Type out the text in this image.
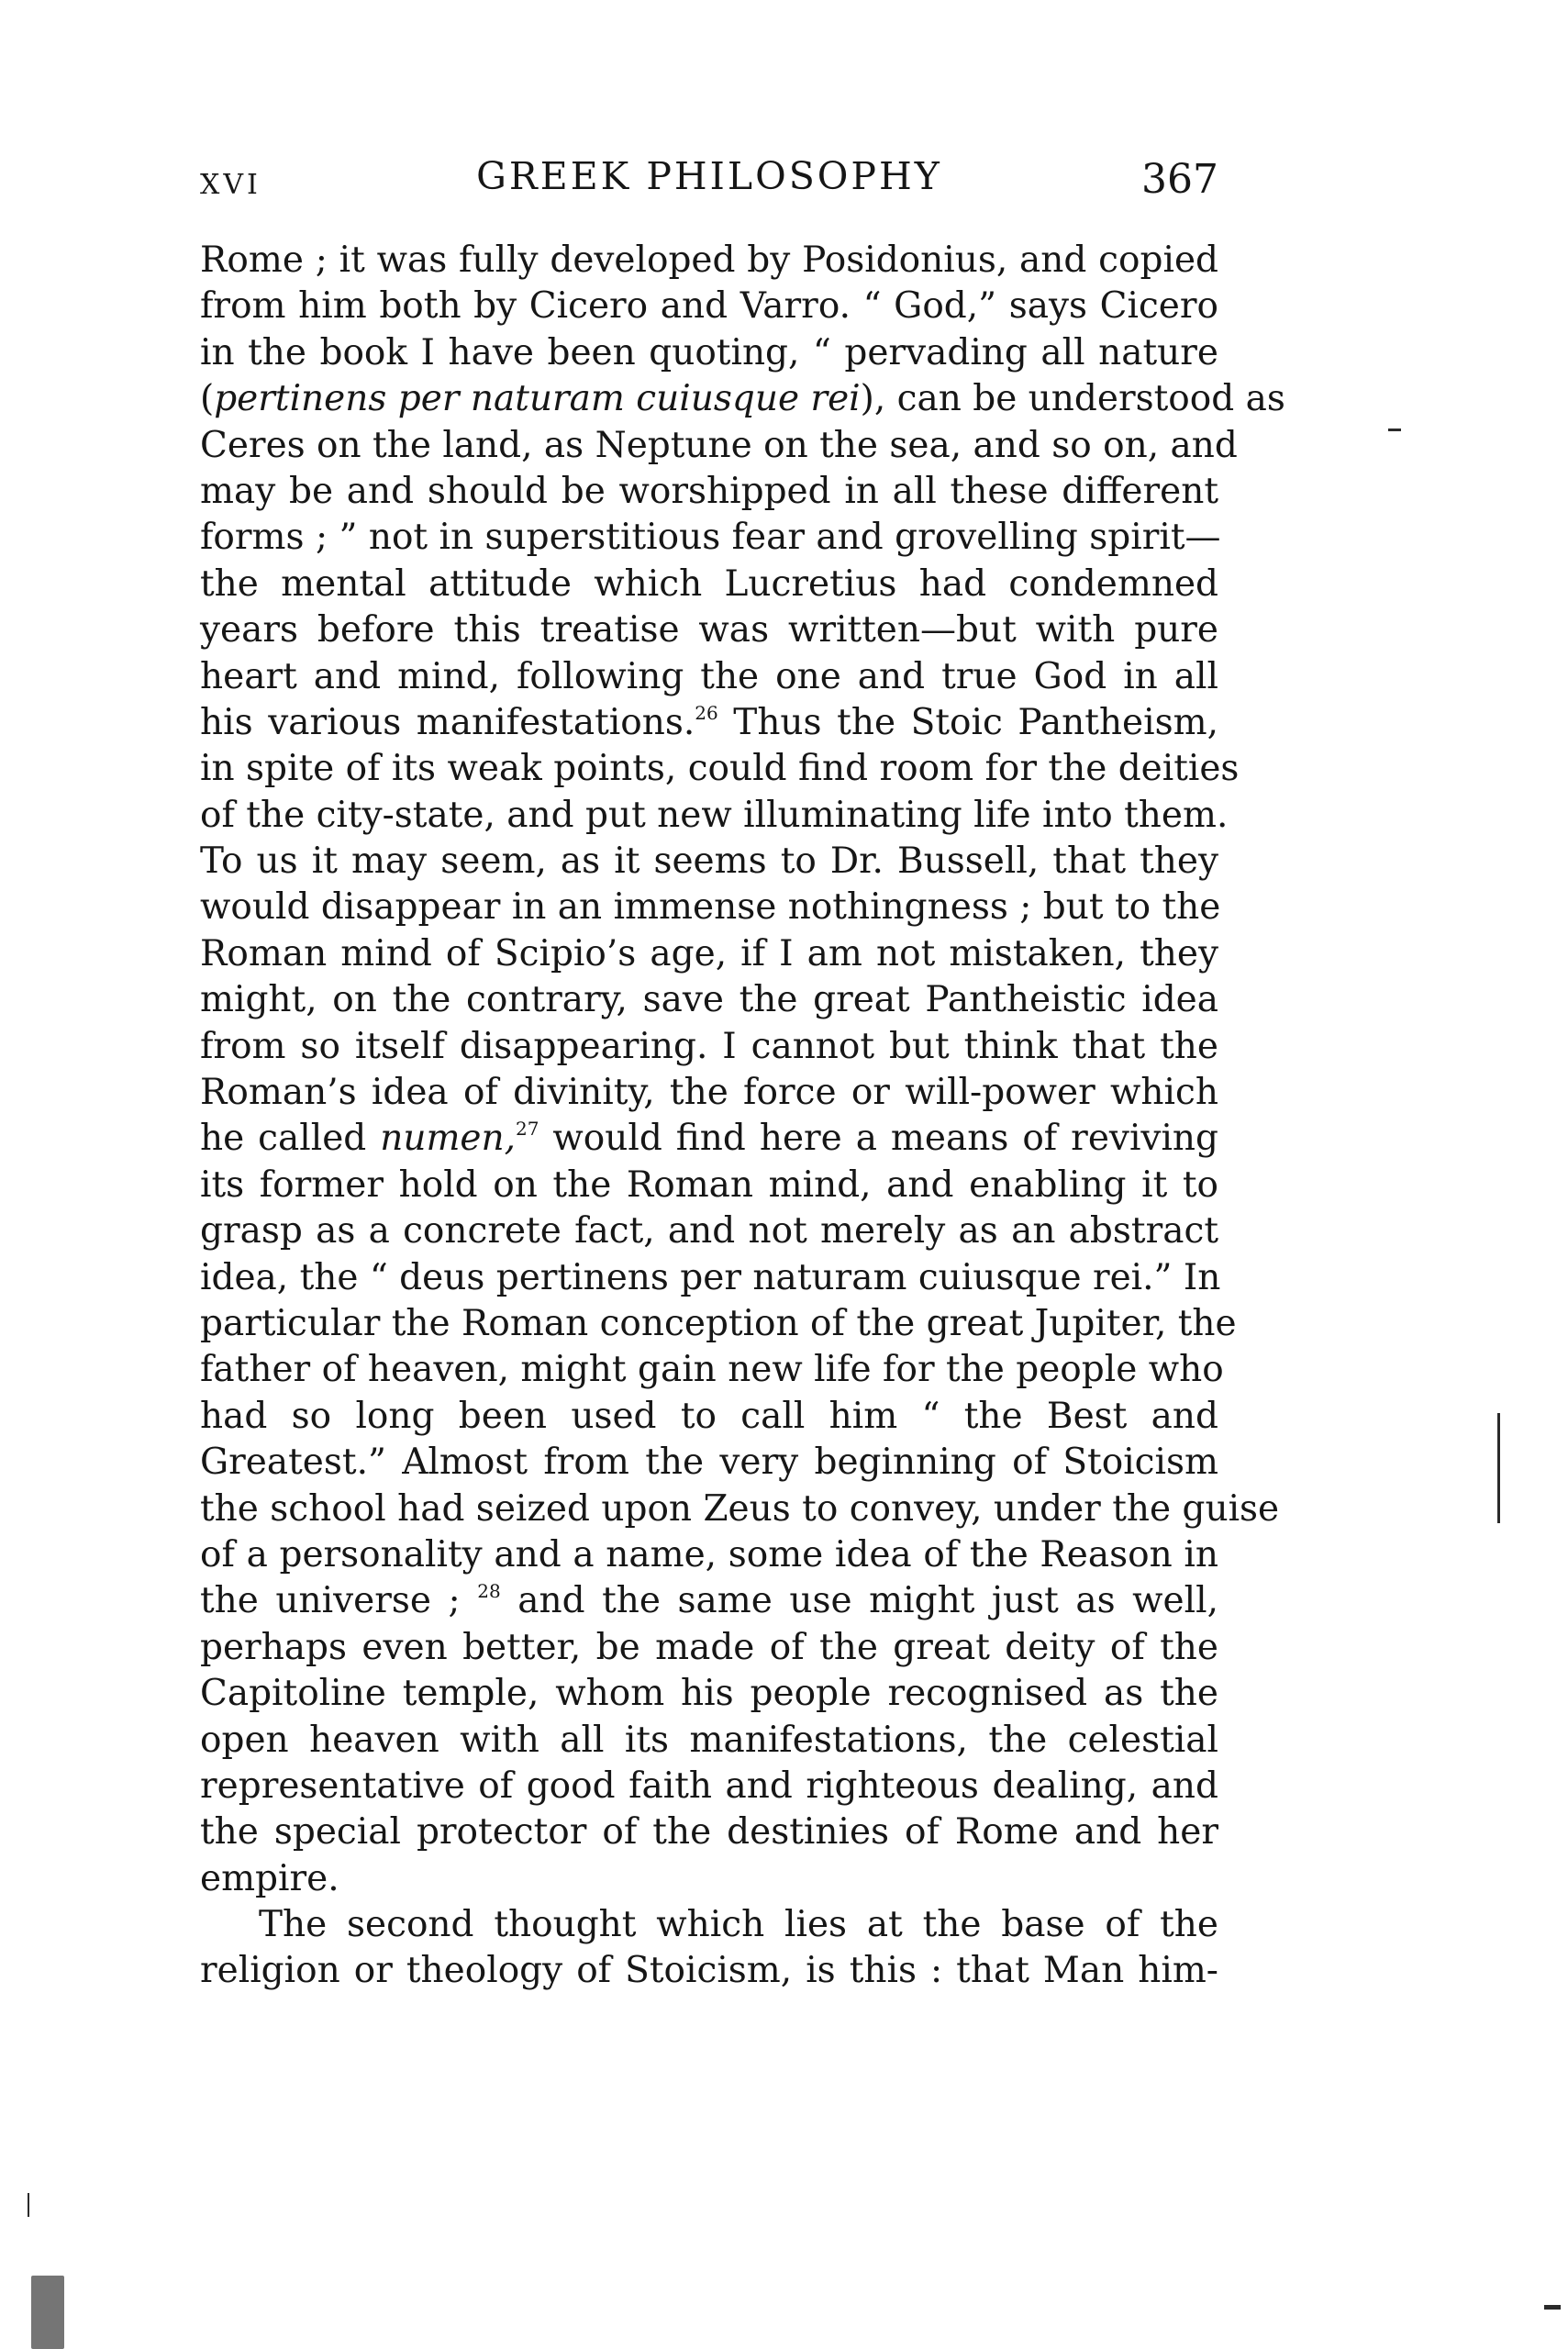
XVI	GREEK PHILOSOPHY	367
Rome ; it was fully developed by Posidonius, and copied
from him both by Cicero and Varro. “ God,” says Cicero
in the book I have been quoting, “ pervading all nature
(pertinens per naturam cuiusque rei), can be understood as
Ceres on the land, as Neptune on the sea, and so on, and
may be and should be worshipped in all these different
forms ; ” not in superstitious fear and grovelling spirit—
the mental attitude which Lucretius had condemned
years before this treatise was written—but with pure
heart and mind, following the one and true God in all
his various manifestations.$^{26}$ Thus the Stoic Pantheism,
in spite of its weak points, could find room for the deities
of the city-state, and put new illuminating life into them.
To us it may seem, as it seems to Dr. Bussell, that they
would disappear in an immense nothingness ; but to the
Roman mind of Scipio’s age, if I am not mistaken, they
might, on the contrary, save the great Pantheistic idea
from so itself disappearing. I cannot but think that the
Roman’s idea of divinity, the force or will-power which
he called numen,$^{27}$ would find here a means of reviving
its former hold on the Roman mind, and enabling it to
grasp as a concrete fact, and not merely as an abstract
idea, the “ deus pertinens per naturam cuiusque rei.” In
particular the Roman conception of the great Jupiter, the
father of heaven, might gain new life for the people who
had so long been used to call him “ the Best and
Greatest.” Almost from the very beginning of Stoicism
the school had seized upon Zeus to convey, under the guise
of a personality and a name, some idea of the Reason in
the universe ; $^{28}$ and the same use might just as well,
perhaps even better, be made of the great deity of the
Capitoline temple, whom his people recognised as the
open heaven with all its manifestations, the celestial
representative of good faith and righteous dealing, and
the special protector of the destinies of Rome and her
empire.
The second thought which lies at the base of the
religion or theology of Stoicism, is this : that Man him-
